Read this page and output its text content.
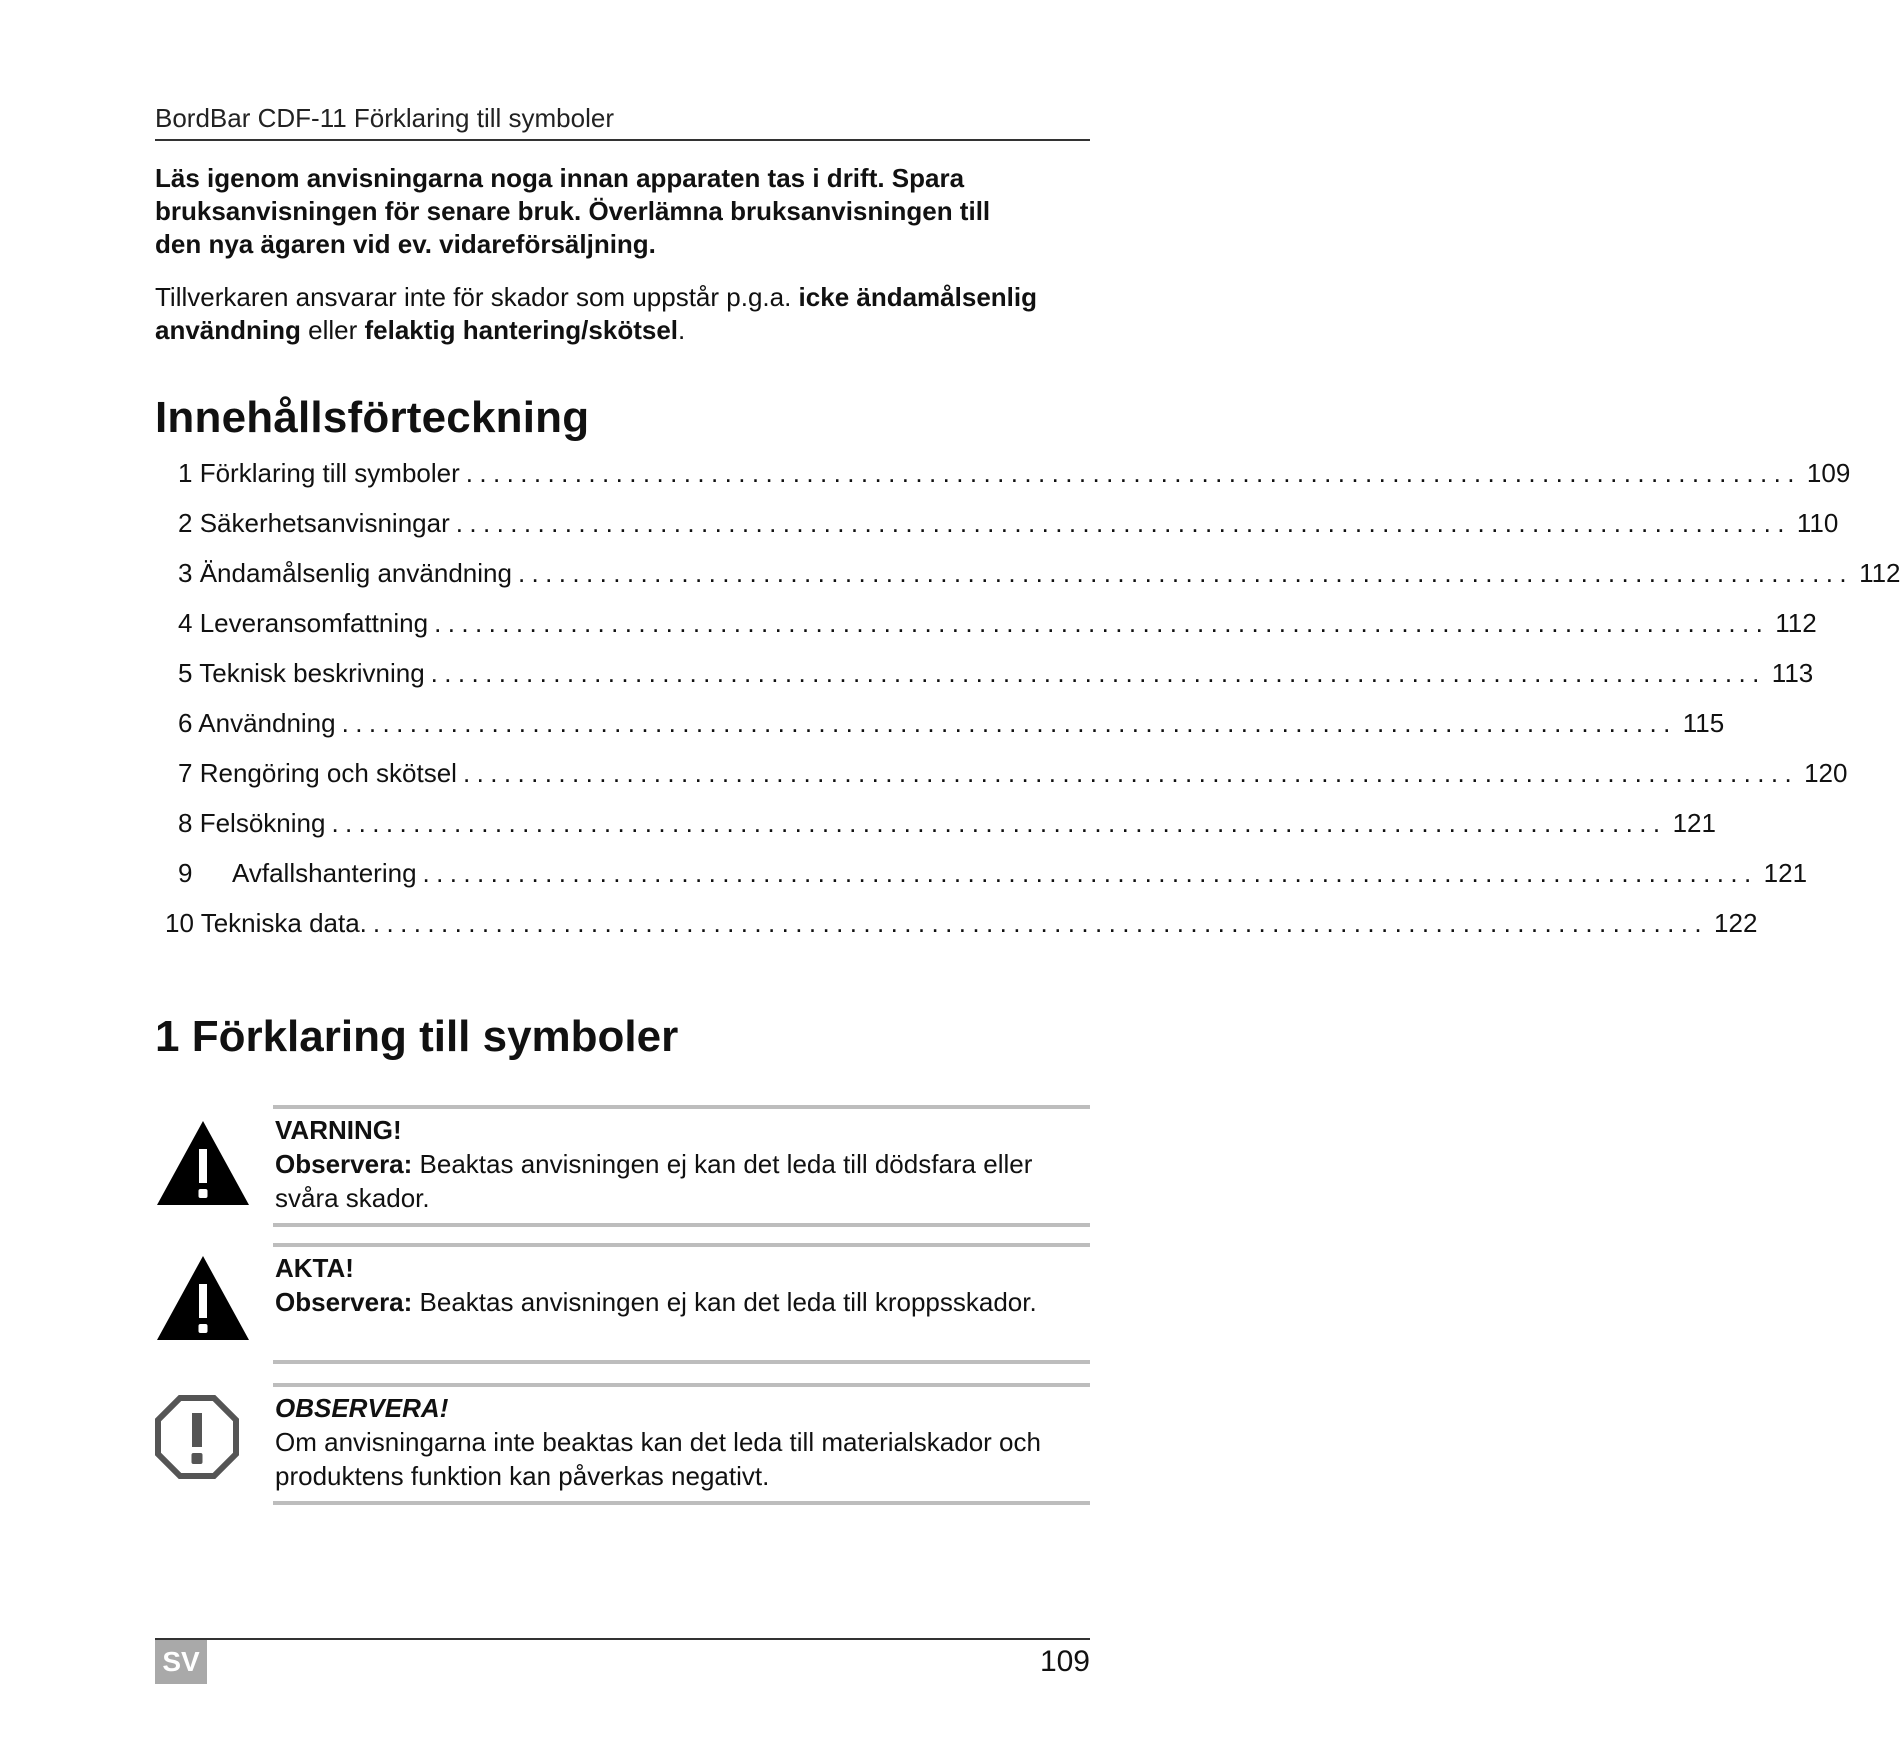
BordBar CDF-11 Förklaring till symboler
Läs igenom anvisningarna noga innan apparaten tas i drift. Spara
bruksanvisningen för senare bruk. Överlämna bruksanvisningen till
den nya ägaren vid ev. vidareförsäljning.
Tillverkaren ansvarar inte för skador som uppstår p.g.a. icke ändamålsenlig användning eller felaktig hantering/skötsel.
Innehållsförteckning
1 Förklaring till symboler .................................................................................................. 109
2 Säkerhetsanvisningar .................................................................................................. 110
3 Ändamålsenlig användning .................................................................................................. 112
4 Leveransomfattning .................................................................................................. 112
5 Teknisk beskrivning .................................................................................................. 113
6 Användning .................................................................................................. 115
7 Rengöring och skötsel .................................................................................................. 120
8 Felsökning .................................................................................................. 121
9 Avfallshantering .................................................................................................. 121
10 Tekniska data. .................................................................................................. 122
1 Förklaring till symboler
VARNING!
Observera: Beaktas anvisningen ej kan det leda till dödsfara eller
svåra skador.
AKTA!
Observera: Beaktas anvisningen ej kan det leda till kroppsskador.
OBSERVERA!
Om anvisningarna inte beaktas kan det leda till materialskador och
produktens funktion kan påverkas negativt.
SV	109
